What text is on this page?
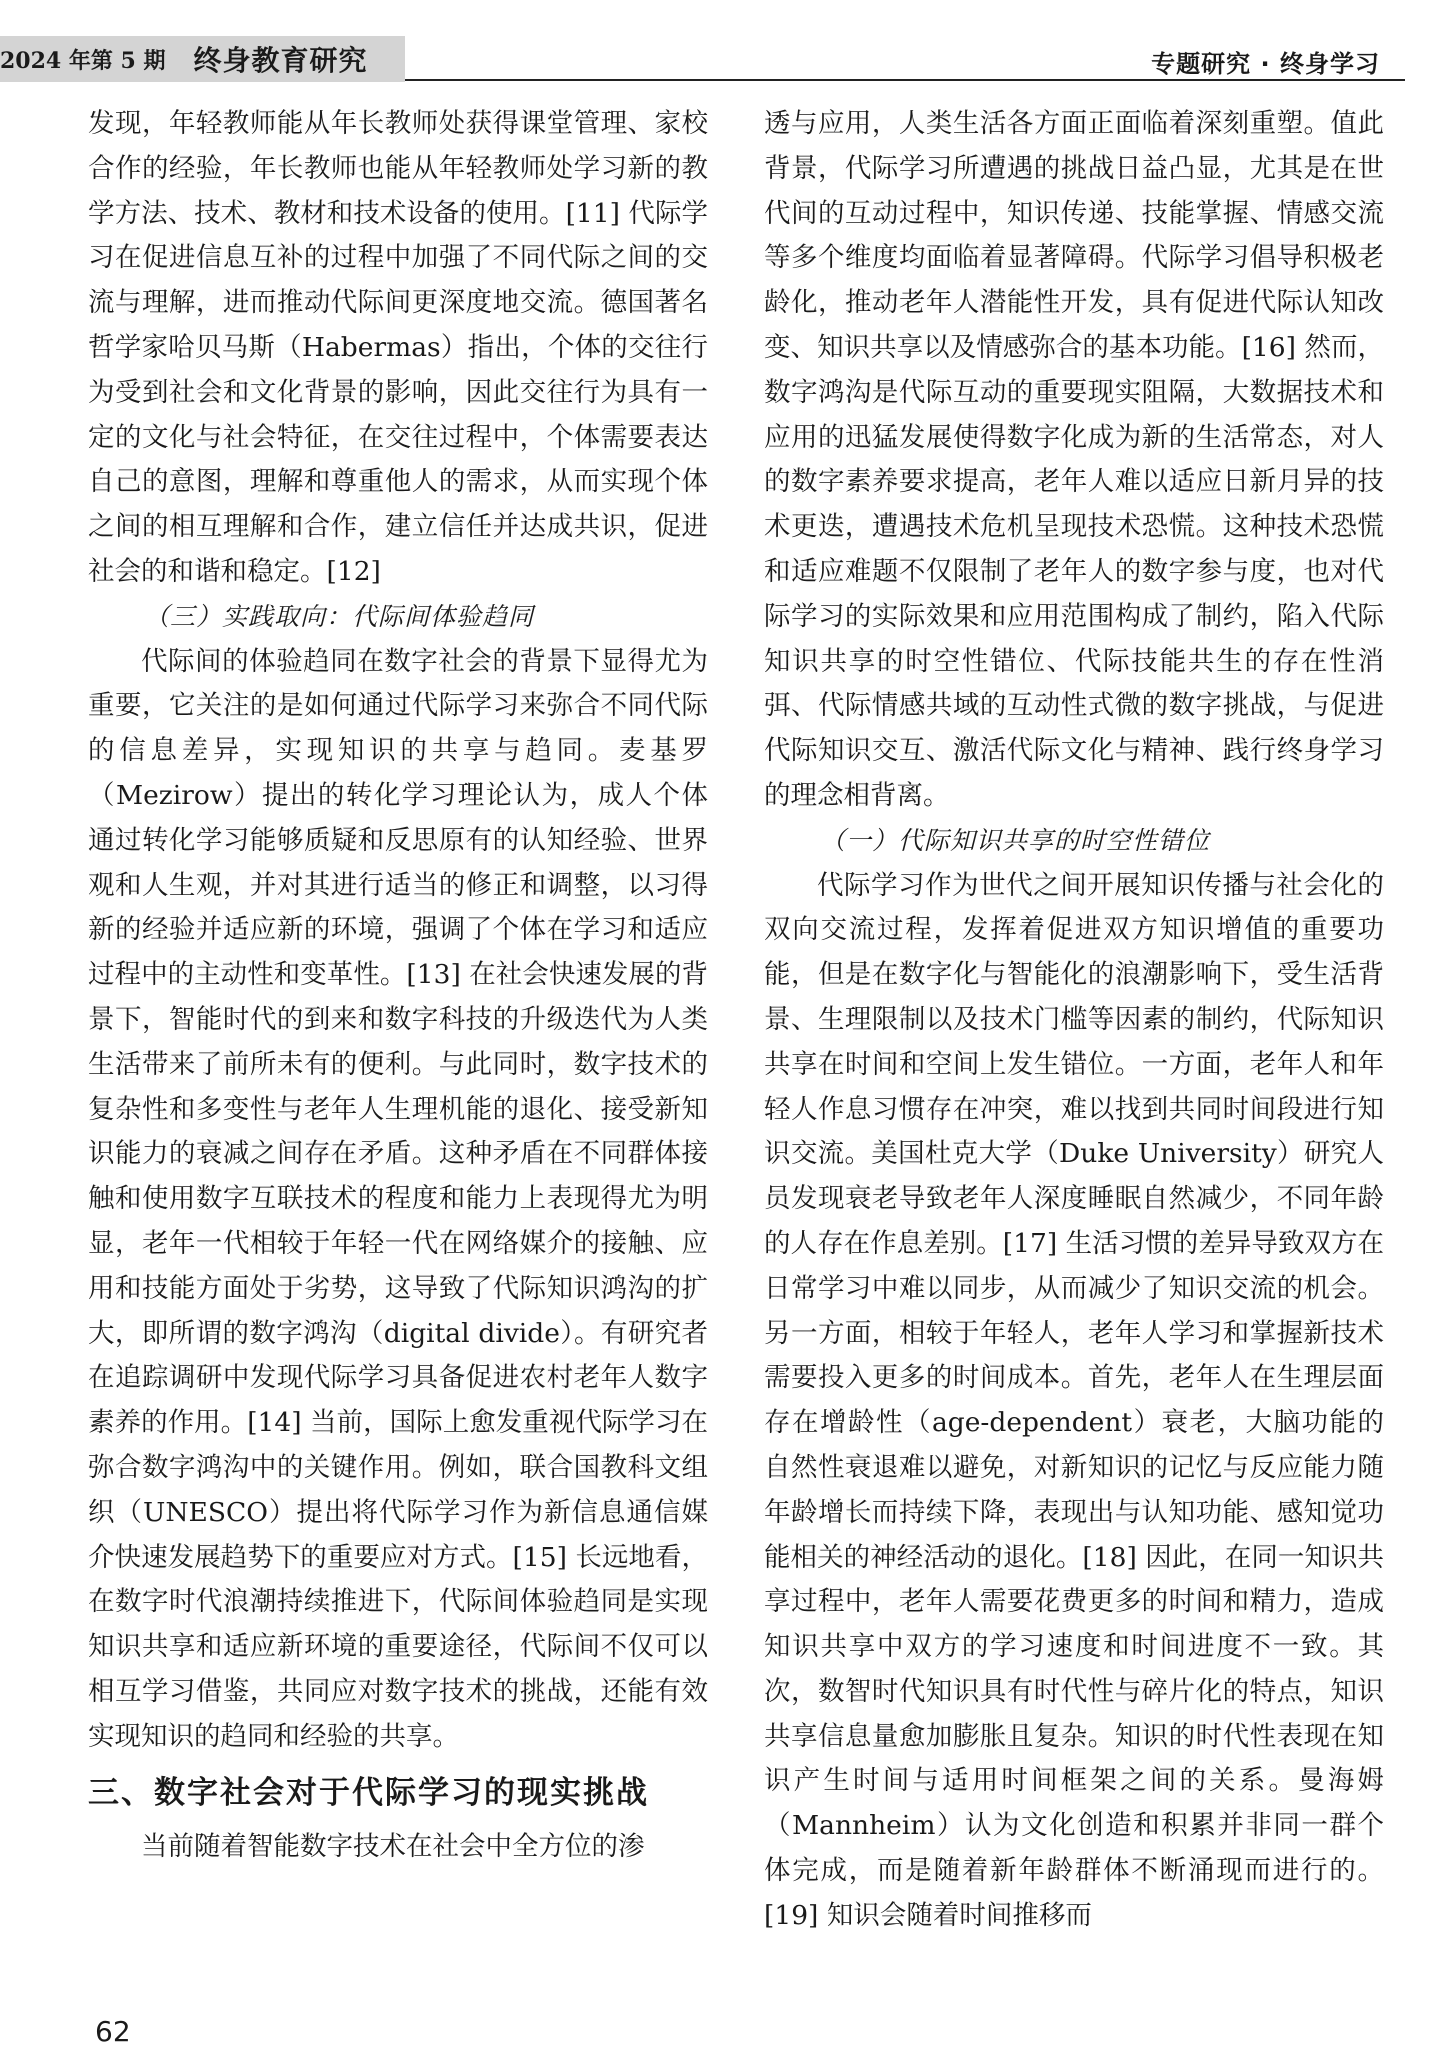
2024 年第 5 期 终身教育研究	专题研究 · 终身学习
发现，年轻教师能从年长教师处获得课堂管理、家校合作的经验，年长教师也能从年轻教师处学习新的教学方法、技术、教材和技术设备的使用。[11] 代际学习在促进信息互补的过程中加强了不同代际之间的交流与理解，进而推动代际间更深度地交流。德国著名哲学家哈贝马斯（Habermas）指出，个体的交往行为受到社会和文化背景的影响，因此交往行为具有一定的文化与社会特征，在交往过程中，个体需要表达自己的意图，理解和尊重他人的需求，从而实现个体之间的相互理解和合作，建立信任并达成共识，促进社会的和谐和稳定。[12]
（三）实践取向：代际间体验趋同
代际间的体验趋同在数字社会的背景下显得尤为重要，它关注的是如何通过代际学习来弥合不同代际的信息差异，实现知识的共享与趋同。麦基罗（Mezirow）提出的转化学习理论认为，成人个体通过转化学习能够质疑和反思原有的认知经验、世界观和人生观，并对其进行适当的修正和调整，以习得新的经验并适应新的环境，强调了个体在学习和适应过程中的主动性和变革性。[13] 在社会快速发展的背景下，智能时代的到来和数字科技的升级迭代为人类生活带来了前所未有的便利。与此同时，数字技术的复杂性和多变性与老年人生理机能的退化、接受新知识能力的衰减之间存在矛盾。这种矛盾在不同群体接触和使用数字互联技术的程度和能力上表现得尤为明显，老年一代相较于年轻一代在网络媒介的接触、应用和技能方面处于劣势，这导致了代际知识鸿沟的扩大，即所谓的数字鸿沟（digital divide）。有研究者在追踪调研中发现代际学习具备促进农村老年人数字素养的作用。[14] 当前，国际上愈发重视代际学习在弥合数字鸿沟中的关键作用。例如，联合国教科文组织（UNESCO）提出将代际学习作为新信息通信媒介快速发展趋势下的重要应对方式。[15] 长远地看，在数字时代浪潮持续推进下，代际间体验趋同是实现知识共享和适应新环境的重要途径，代际间不仅可以相互学习借鉴，共同应对数字技术的挑战，还能有效实现知识的趋同和经验的共享。
三、数字社会对于代际学习的现实挑战
当前随着智能数字技术在社会中全方位的渗
透与应用，人类生活各方面正面临着深刻重塑。值此背景，代际学习所遭遇的挑战日益凸显，尤其是在世代间的互动过程中，知识传递、技能掌握、情感交流等多个维度均面临着显著障碍。代际学习倡导积极老龄化，推动老年人潜能性开发，具有促进代际认知改变、知识共享以及情感弥合的基本功能。[16] 然而，数字鸿沟是代际互动的重要现实阻隔，大数据技术和应用的迅猛发展使得数字化成为新的生活常态，对人的数字素养要求提高，老年人难以适应日新月异的技术更迭，遭遇技术危机呈现技术恐慌。这种技术恐慌和适应难题不仅限制了老年人的数字参与度，也对代际学习的实际效果和应用范围构成了制约，陷入代际知识共享的时空性错位、代际技能共生的存在性消弭、代际情感共域的互动性式微的数字挑战，与促进代际知识交互、激活代际文化与精神、践行终身学习的理念相背离。
（一）代际知识共享的时空性错位
代际学习作为世代之间开展知识传播与社会化的双向交流过程，发挥着促进双方知识增值的重要功能，但是在数字化与智能化的浪潮影响下，受生活背景、生理限制以及技术门槛等因素的制约，代际知识共享在时间和空间上发生错位。一方面，老年人和年轻人作息习惯存在冲突，难以找到共同时间段进行知识交流。美国杜克大学（Duke University）研究人员发现衰老导致老年人深度睡眠自然减少，不同年龄的人存在作息差别。[17] 生活习惯的差异导致双方在日常学习中难以同步，从而减少了知识交流的机会。另一方面，相较于年轻人，老年人学习和掌握新技术需要投入更多的时间成本。首先，老年人在生理层面存在增龄性（age-dependent）衰老，大脑功能的自然性衰退难以避免，对新知识的记忆与反应能力随年龄增长而持续下降，表现出与认知功能、感知觉功能相关的神经活动的退化。[18] 因此，在同一知识共享过程中，老年人需要花费更多的时间和精力，造成知识共享中双方的学习速度和时间进度不一致。其次，数智时代知识具有时代性与碎片化的特点，知识共享信息量愈加膨胀且复杂。知识的时代性表现在知识产生时间与适用时间框架之间的关系。曼海姆（Mannheim）认为文化创造和积累并非同一群个体完成，而是随着新年龄群体不断涌现而进行的。[19] 知识会随着时间推移而
62
